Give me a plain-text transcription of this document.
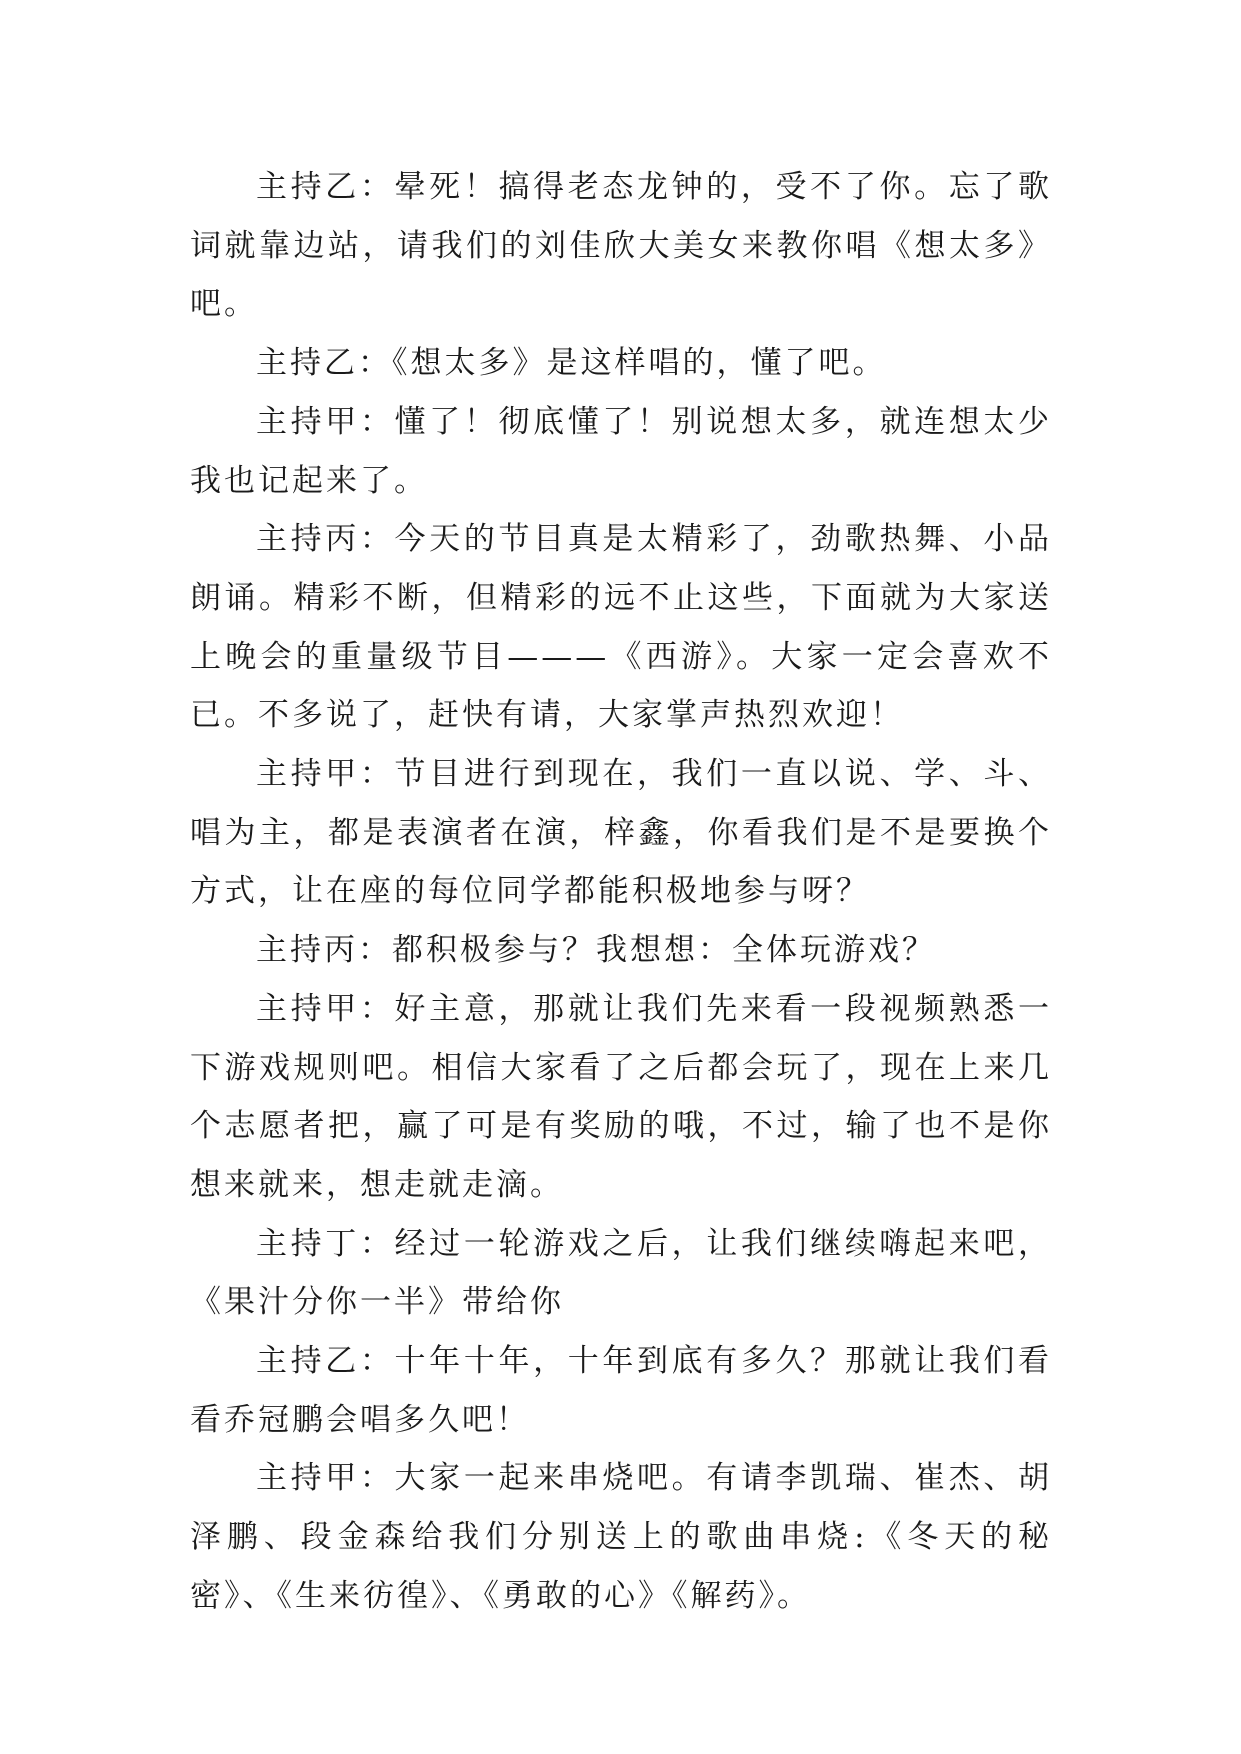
主持乙：晕死！搞得老态龙钟的，受不了你。忘了歌词就靠边站，请我们的刘佳欣大美女来教你唱《想太多》吧。

主持乙：《想太多》是这样唱的，懂了吧。

主持甲：懂了！彻底懂了！别说想太多，就连想太少我也记起来了。

主持丙：今天的节目真是太精彩了，劲歌热舞、小品朗诵。精彩不断，但精彩的远不止这些，下面就为大家送上晚会的重量级节目———《西游》。大家一定会喜欢不已。不多说了，赶快有请，大家掌声热烈欢迎！

主持甲：节目进行到现在，我们一直以说、学、斗、唱为主，都是表演者在演，梓鑫，你看我们是不是要换个方式，让在座的每位同学都能积极地参与呀？

主持丙：都积极参与？我想想：全体玩游戏？

主持甲：好主意，那就让我们先来看一段视频熟悉一下游戏规则吧。相信大家看了之后都会玩了，现在上来几个志愿者把，赢了可是有奖励的哦，不过，输了也不是你想来就来，想走就走滴。

主持丁：经过一轮游戏之后，让我们继续嗨起来吧，《果汁分你一半》带给你

主持乙：十年十年，十年到底有多久？那就让我们看看乔冠鹏会唱多久吧！

主持甲：大家一起来串烧吧。有请李凯瑞、崔杰、胡泽鹏、段金森给我们分别送上的歌曲串烧:《冬天的秘密》、《生来彷徨》、《勇敢的心》《解药》。
